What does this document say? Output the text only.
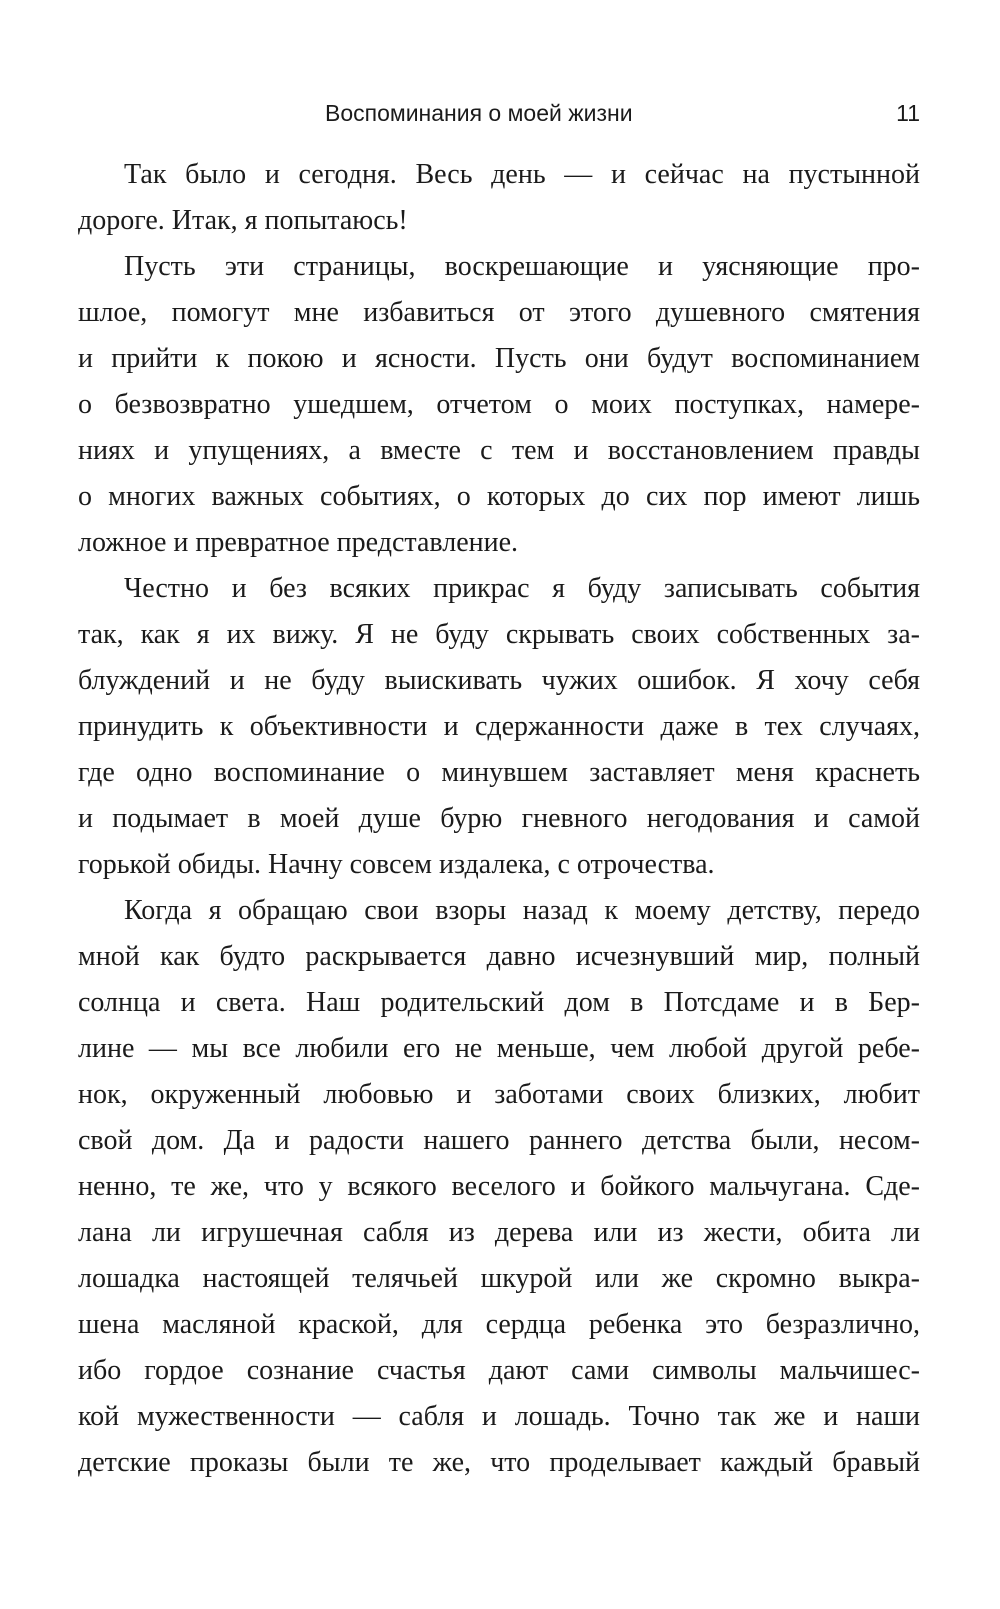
Воспоминания о моей жизни	11
Так было и сегодня. Весь день — и сейчас на пустынной
дороге. Итак, я попытаюсь!
Пусть эти страницы, воскрешающие и уясняющие про-
шлое, помогут мне избавиться от этого душевного смятения
и прийти к покою и ясности. Пусть они будут воспоминанием
о безвозвратно ушедшем, отчетом о моих поступках, намере-
ниях и упущениях, а вместе с тем и восстановлением правды
о многих важных событиях, о которых до сих пор имеют лишь
ложное и превратное представление.
Честно и без всяких прикрас я буду записывать события
так, как я их вижу. Я не буду скрывать своих собственных за-
блуждений и не буду выискивать чужих ошибок. Я хочу себя
принудить к объективности и сдержанности даже в тех случаях,
где одно воспоминание о минувшем заставляет меня краснеть
и подымает в моей душе бурю гневного негодования и самой
горькой обиды. Начну совсем издалека, с отрочества.
Когда я обращаю свои взоры назад к моему детству, передо
мной как будто раскрывается давно исчезнувший мир, полный
солнца и света. Наш родительский дом в Потсдаме и в Бер-
лине — мы все любили его не меньше, чем любой другой ребе-
нок, окруженный любовью и заботами своих близких, любит
свой дом. Да и радости нашего раннего детства были, несом-
ненно, те же, что у всякого веселого и бойкого мальчугана. Сде-
лана ли игрушечная сабля из дерева или из жести, обита ли
лошадка настоящей телячьей шкурой или же скромно выкра-
шена масляной краской, для сердца ребенка это безразлично,
ибо гордое сознание счастья дают сами символы мальчишес-
кой мужественности — сабля и лошадь. Точно так же и наши
детские проказы были те же, что проделывает каждый бравый
